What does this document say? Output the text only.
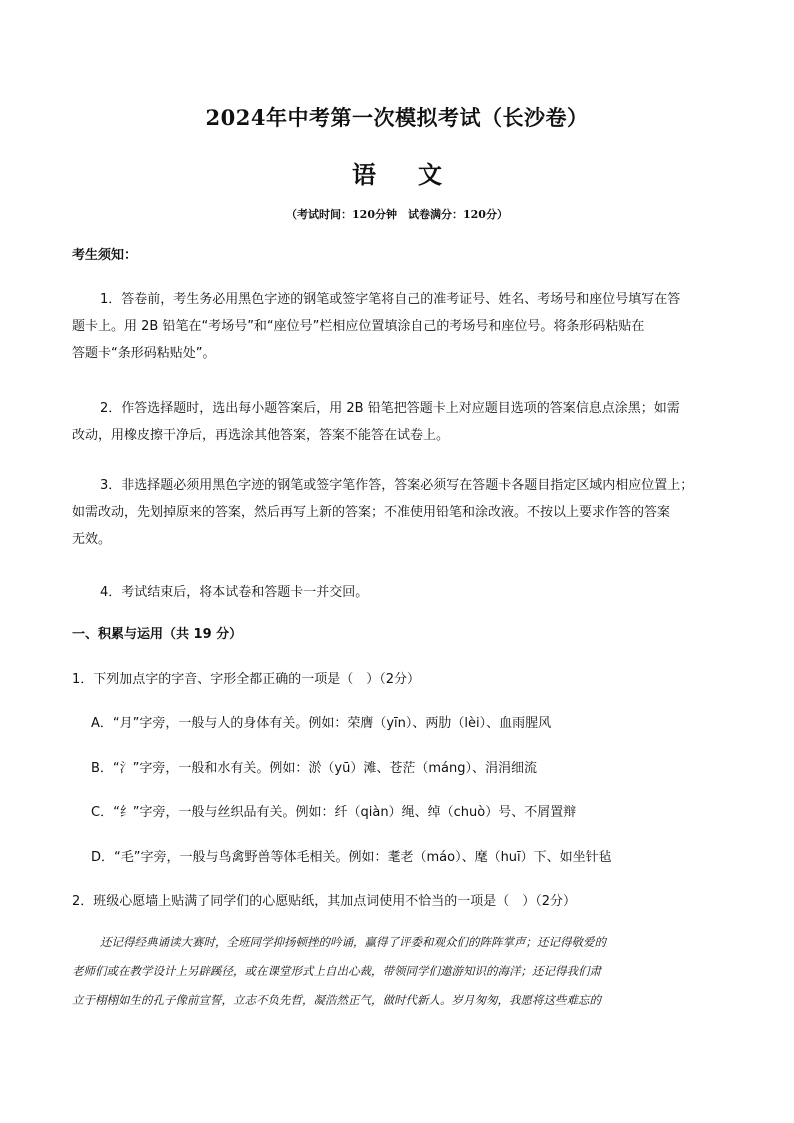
2024年中考第一次模拟考试（长沙卷）
语文
（考试时间：120分钟　试卷满分：120分）
考生须知：
1．答卷前，考生务必用黑色字迹的钢笔或签字笔将自己的准考证号、姓名、考场号和座位号填写在答
题卡上。用 2B 铅笔在“考场号”和“座位号”栏相应位置填涂自己的考场号和座位号。将条形码粘贴在
答题卡“条形码粘贴处”。
2．作答选择题时，选出每小题答案后，用 2B 铅笔把答题卡上对应题目选项的答案信息点涂黑；如需
改动，用橡皮擦干净后，再选涂其他答案，答案不能答在试卷上。
3．非选择题必须用黑色字迹的钢笔或签字笔作答，答案必须写在答题卡各题目指定区域内相应位置上；
如需改动，先划掉原来的答案，然后再写上新的答案；不准使用铅笔和涂改液。不按以上要求作答的答案
无效。
4．考试结束后，将本试卷和答题卡一并交回。
一、积累与运用（共 19 分）
1．下列加点字的字音、字形全都正确的一项是（　）（2分）
A．“月”字旁，一般与人的身体有关。例如：荣膺（yīn）、两肋（lèi）、血雨腥风
B．“氵”字旁，一般和水有关。例如：淤（yū）滩、苍茫（máng）、涓涓细流
C．“纟”字旁，一般与丝织品有关。例如：纤（qiàn）绳、绰（chuò）号、不屑置辩
D．“毛”字旁，一般与鸟禽野兽等体毛相关。例如：耄老（máo）、麾（huī）下、如坐针毡
2．班级心愿墙上贴满了同学们的心愿贴纸，其加点词使用不恰当的一项是（　）（2分）
还记得经典诵读大赛时，全班同学抑扬顿挫的吟诵，赢得了评委和观众们的阵阵掌声；还记得敬爱的
老师们或在教学设计上另辟蹊径，或在课堂形式上自出心裁，带领同学们遨游知识的海洋；还记得我们肃
立于栩栩如生的孔子像前宣誓，立志不负先哲，凝浩然正气，做时代新人。岁月匆匆，我愿将这些难忘的
